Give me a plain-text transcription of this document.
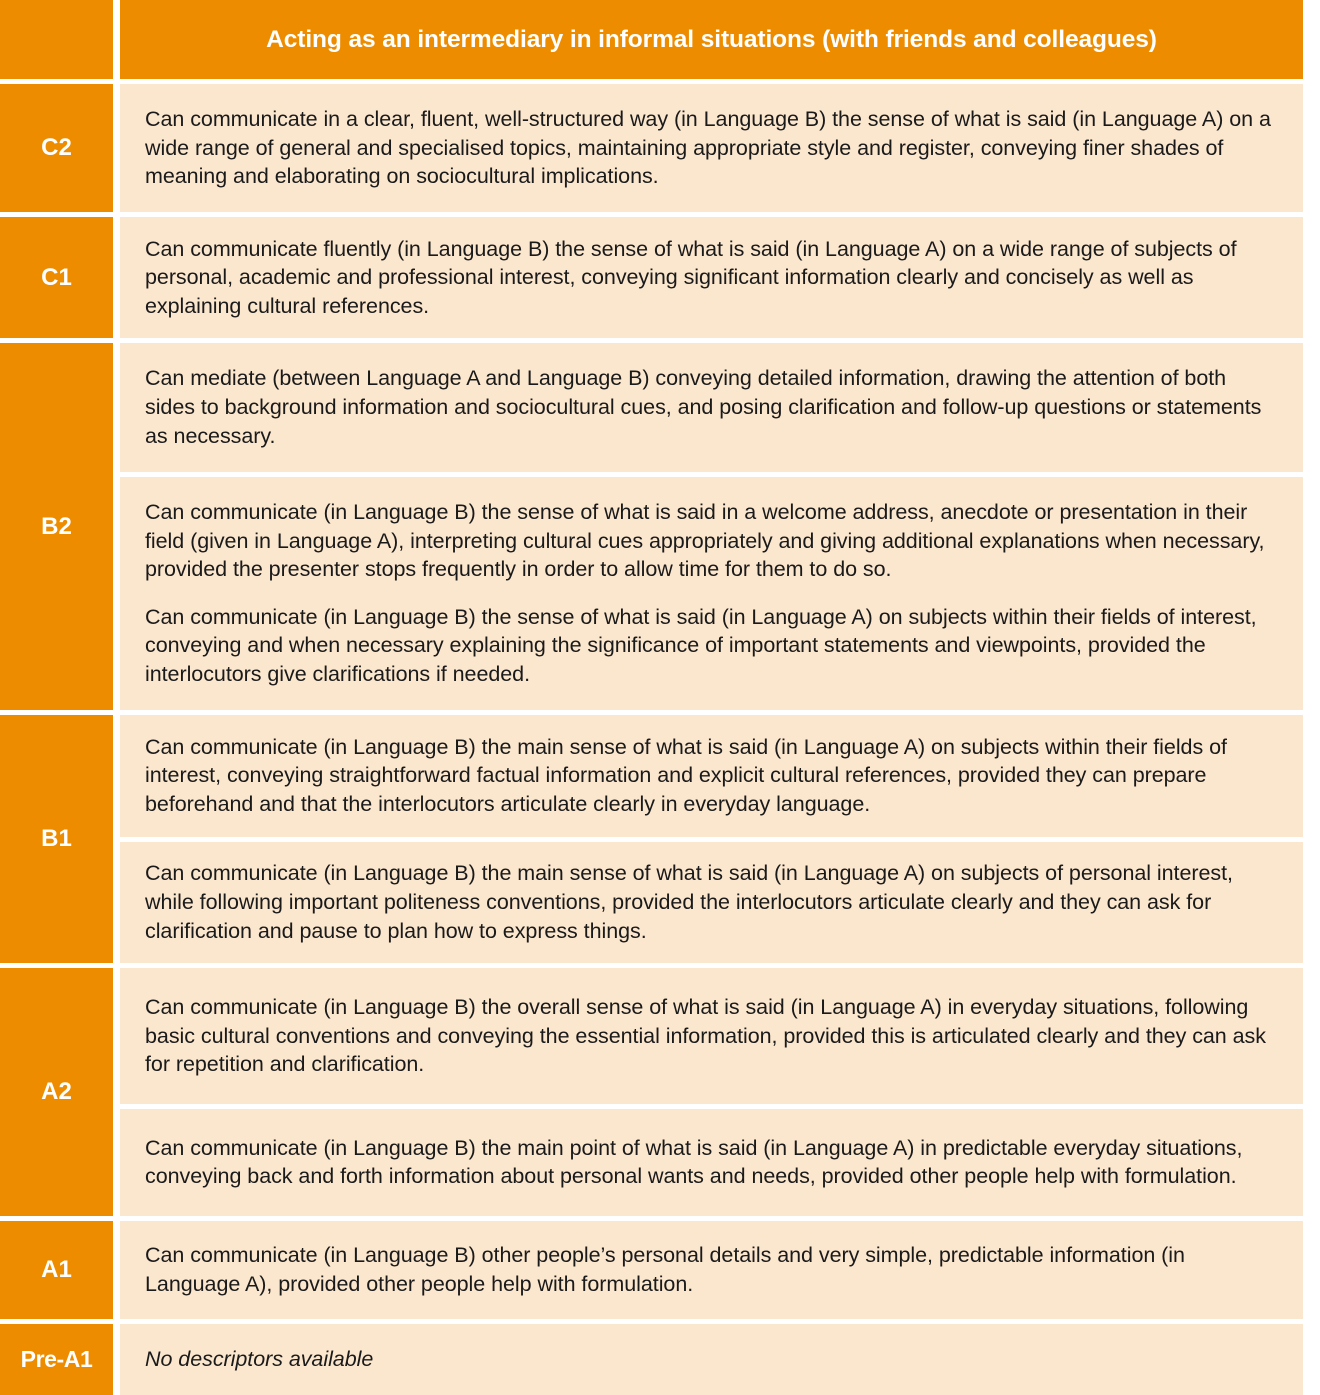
Acting as an intermediary in informal situations (with friends and colleagues)
C2

Can communicate in a clear, fluent, well-structured way (in Language B) the sense of what is said (in Language A) on a wide range of general and specialised topics, maintaining appropriate style and register, conveying finer shades of meaning and elaborating on sociocultural implications.

C1

Can communicate fluently (in Language B) the sense of what is said (in Language A) on a wide range of subjects of personal, academic and professional interest, conveying significant information clearly and concisely as well as explaining cultural references.

B2

Can mediate (between Language A and Language B) conveying detailed information, drawing the attention of both sides to background information and sociocultural cues, and posing clarification and follow-up questions or statements as necessary.

Can communicate (in Language B) the sense of what is said in a welcome address, anecdote or presentation in their field (given in Language A), interpreting cultural cues appropriately and giving additional explanations when necessary, provided the presenter stops frequently in order to allow time for them to do so.

Can communicate (in Language B) the sense of what is said (in Language A) on subjects within their fields of interest, conveying and when necessary explaining the significance of important statements and viewpoints, provided the interlocutors give clarifications if needed.

B1

Can communicate (in Language B) the main sense of what is said (in Language A) on subjects within their fields of interest, conveying straightforward factual information and explicit cultural references, provided they can prepare beforehand and that the interlocutors articulate clearly in everyday language.

Can communicate (in Language B) the main sense of what is said (in Language A) on subjects of personal interest, while following important politeness conventions, provided the interlocutors articulate clearly and they can ask for clarification and pause to plan how to express things.

A2

Can communicate (in Language B) the overall sense of what is said (in Language A) in everyday situations, following basic cultural conventions and conveying the essential information, provided this is articulated clearly and they can ask for repetition and clarification.

Can communicate (in Language B) the main point of what is said (in Language A) in predictable everyday situations, conveying back and forth information about personal wants and needs, provided other people help with formulation.

A1

Can communicate (in Language B) other people’s personal details and very simple, predictable information (in Language A), provided other people help with formulation.

Pre-A1	No descriptors available
